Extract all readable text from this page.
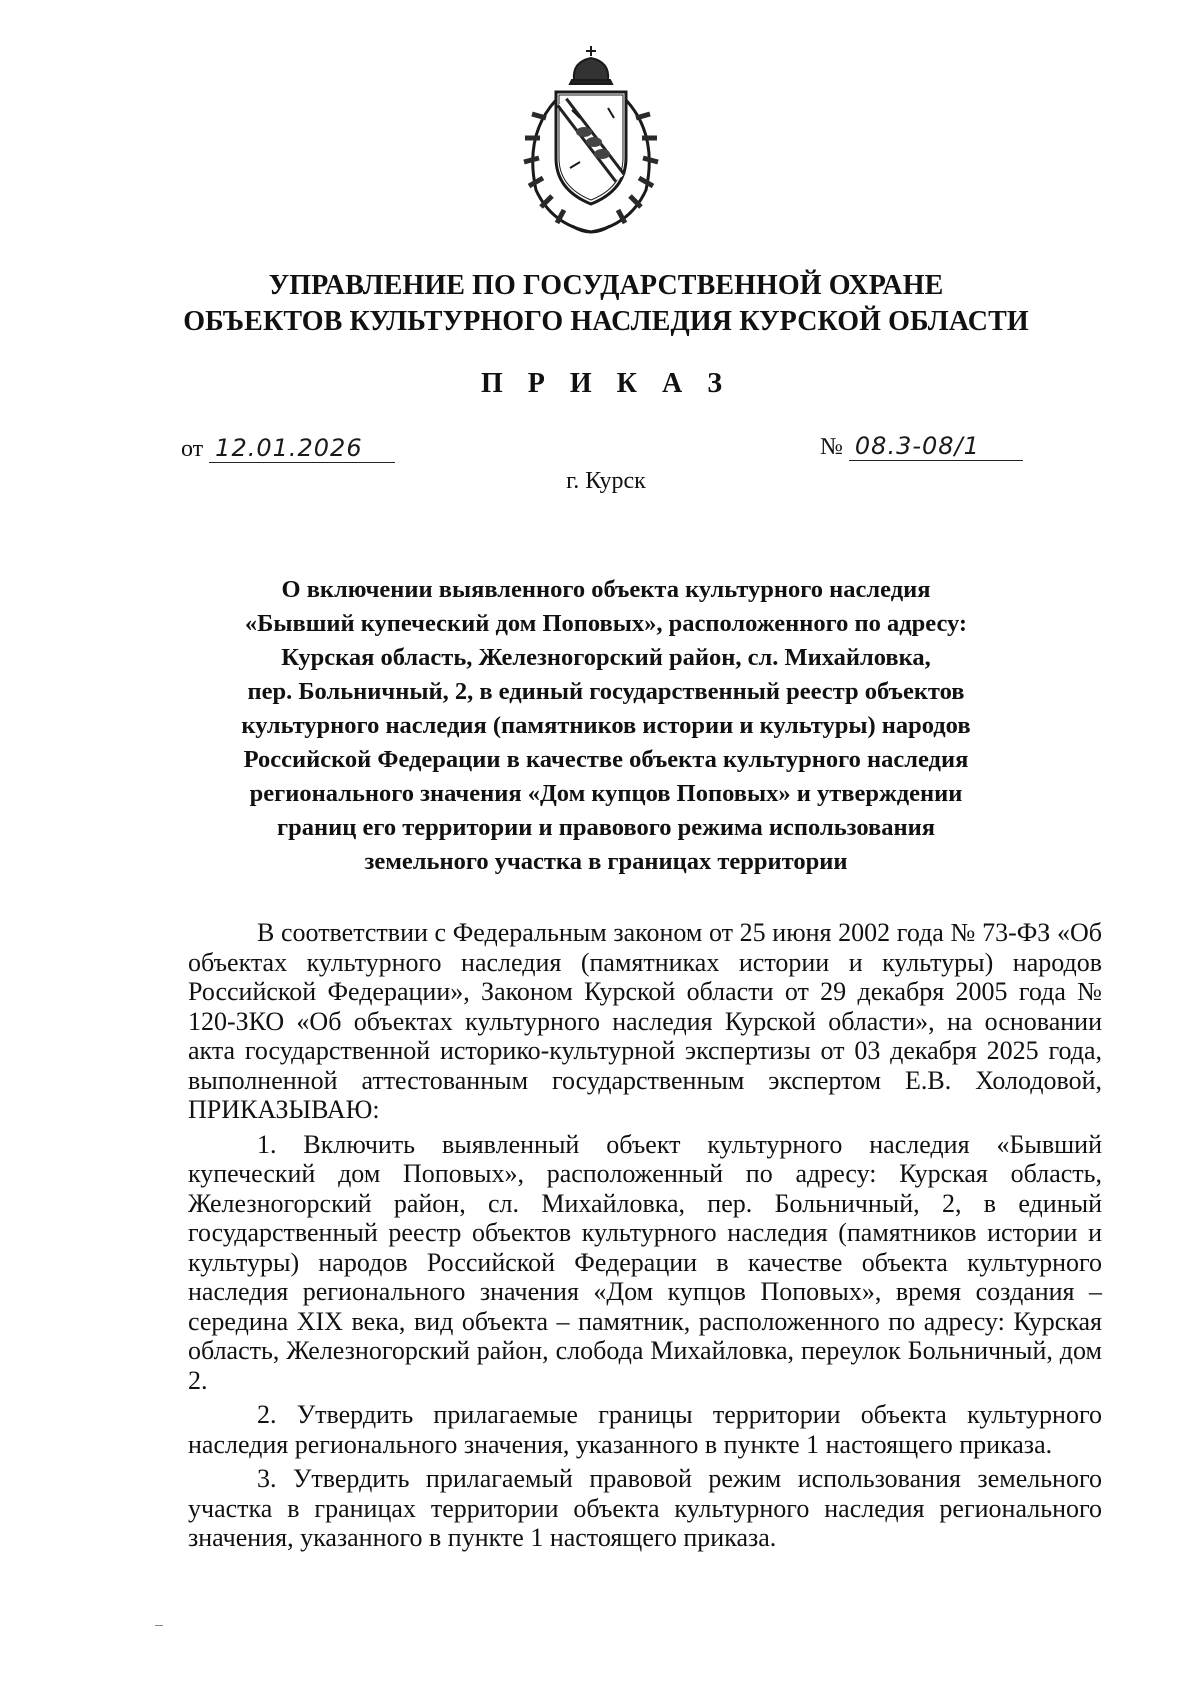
УПРАВЛЕНИЕ ПО ГОСУДАРСТВЕННОЙ ОХРАНЕ
ОБЪЕКТОВ КУЛЬТУРНОГО НАСЛЕДИЯ КУРСКОЙ ОБЛАСТИ
П Р И К А З
от 12.01.2026	№ 08.3-08/1
г. Курск
О включении выявленного объекта культурного наследия
«Бывший купеческий дом Поповых», расположенного по адресу:
Курская область, Железногорский район, сл. Михайловка,
пер. Больничный, 2, в единый государственный реестр объектов
культурного наследия (памятников истории и культуры) народов
Российской Федерации в качестве объекта культурного наследия
регионального значения «Дом купцов Поповых» и утверждении
границ его территории и правового режима использования
земельного участка в границах территории

В соответствии с Федеральным законом от 25 июня 2002 года № 73-ФЗ «Об объектах культурного наследия (памятниках истории и культуры) народов Российской Федерации», Законом Курской области от 29 декабря 2005 года № 120-ЗКО «Об объектах культурного наследия Курской области», на основании акта государственной историко-культурной экспертизы от 03 декабря 2025 года, выполненной аттестованным государственным экспертом Е.В. Холодовой, ПРИКАЗЫВАЮ:

1. Включить выявленный объект культурного наследия «Бывший купеческий дом Поповых», расположенный по адресу: Курская область, Железногорский район, сл. Михайловка, пер. Больничный, 2, в единый государственный реестр объектов культурного наследия (памятников истории и культуры) народов Российской Федерации в качестве объекта культурного наследия регионального значения «Дом купцов Поповых», время создания – середина XIX века, вид объекта – памятник, расположенного по адресу: Курская область, Железногорский район, слобода Михайловка, переулок Больничный, дом 2.

2. Утвердить прилагаемые границы территории объекта культурного наследия регионального значения, указанного в пункте 1 настоящего приказа.

3. Утвердить прилагаемый правовой режим использования земельного участка в границах территории объекта культурного наследия регионального значения, указанного в пункте 1 настоящего приказа.
